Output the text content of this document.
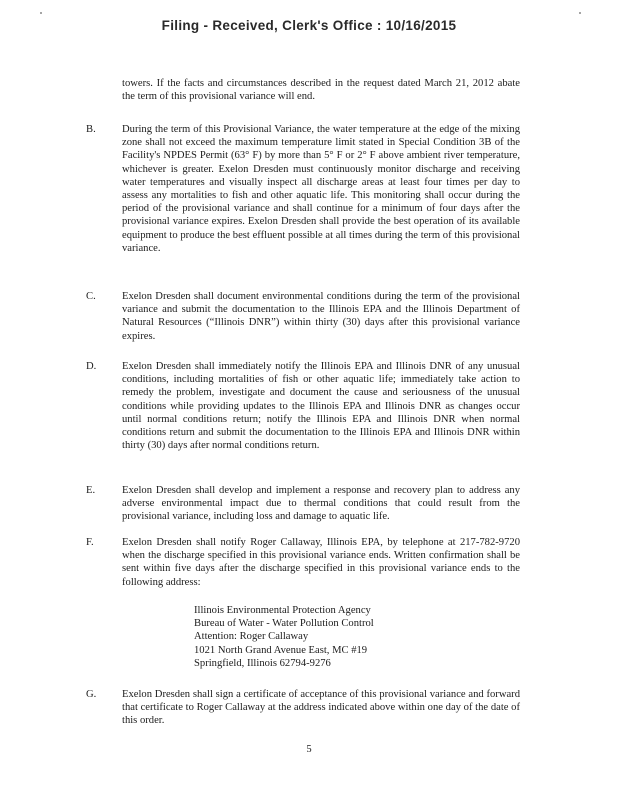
Filing - Received, Clerk's Office : 10/16/2015
towers. If the facts and circumstances described in the request dated March 21, 2012 abate the term of this provisional variance will end.
B. During the term of this Provisional Variance, the water temperature at the edge of the mixing zone shall not exceed the maximum temperature limit stated in Special Condition 3B of the Facility's NPDES Permit (63° F) by more than 5° F or 2° F above ambient river temperature, whichever is greater. Exelon Dresden must continuously monitor discharge and receiving water temperatures and visually inspect all discharge areas at least four times per day to assess any mortalities to fish and other aquatic life. This monitoring shall occur during the period of the provisional variance and shall continue for a minimum of four days after the provisional variance expires. Exelon Dresden shall provide the best operation of its available equipment to produce the best effluent possible at all times during the term of this provisional variance.
C. Exelon Dresden shall document environmental conditions during the term of the provisional variance and submit the documentation to the Illinois EPA and the Illinois Department of Natural Resources (“Illinois DNR”) within thirty (30) days after this provisional variance expires.
D. Exelon Dresden shall immediately notify the Illinois EPA and Illinois DNR of any unusual conditions, including mortalities of fish or other aquatic life; immediately take action to remedy the problem, investigate and document the cause and seriousness of the unusual conditions while providing updates to the Illinois EPA and Illinois DNR as changes occur until normal conditions return; notify the Illinois EPA and Illinois DNR when normal conditions return and submit the documentation to the Illinois EPA and Illinois DNR within thirty (30) days after normal conditions return.
E.	Exelon Dresden shall develop and implement a response and recovery plan to address any adverse environmental impact due to thermal conditions that could result from the provisional variance, including loss and damage to aquatic life.
F.	Exelon Dresden shall notify Roger Callaway, Illinois EPA, by telephone at 217-782-9720 when the discharge specified in this provisional variance ends. Written confirmation shall be sent within five days after the discharge specified in this provisional variance ends to the following address:
Illinois Environmental Protection Agency
Bureau of Water - Water Pollution Control
Attention: Roger Callaway
1021 North Grand Avenue East, MC #19
Springfield, Illinois 62794-9276
G. Exelon Dresden shall sign a certificate of acceptance of this provisional variance and forward that certificate to Roger Callaway at the address indicated above within one day of the date of this order.
5
